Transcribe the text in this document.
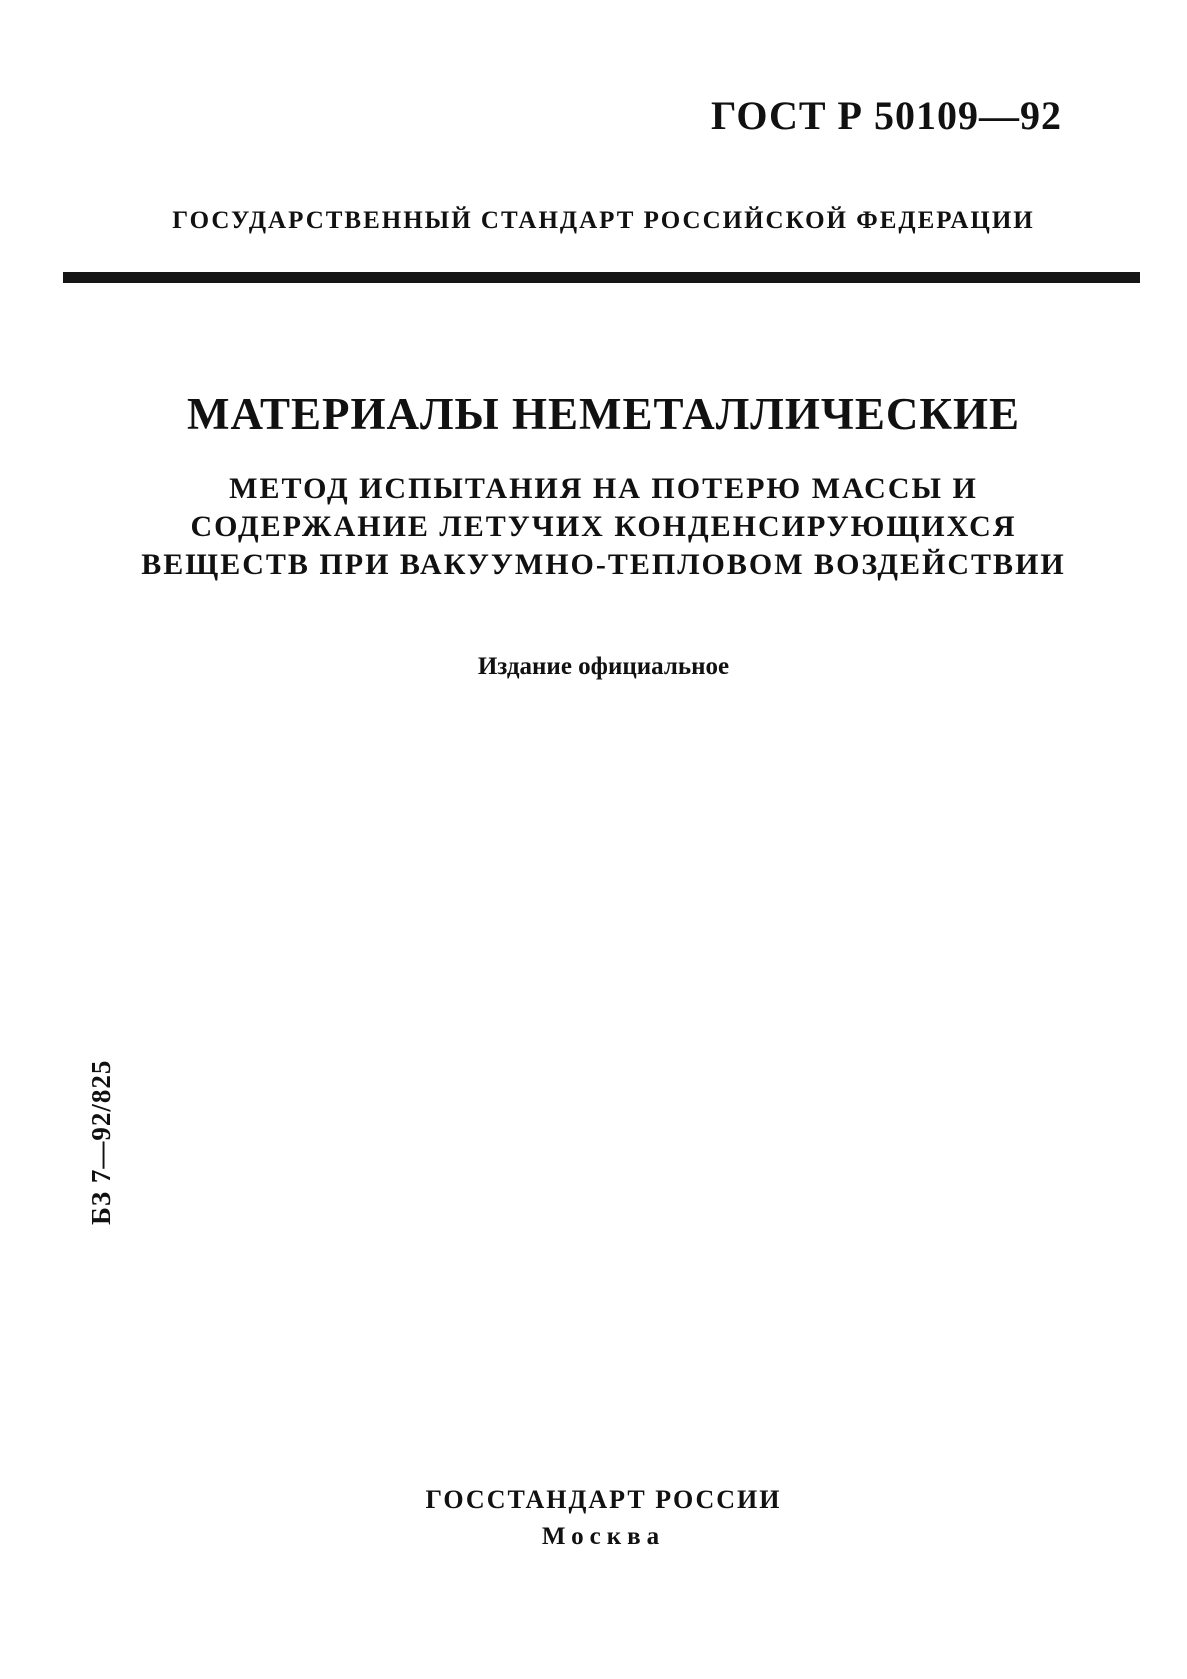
ГОСТ Р 50109—92
ГОСУДАРСТВЕННЫЙ СТАНДАРТ РОССИЙСКОЙ ФЕДЕРАЦИИ
МАТЕРИАЛЫ НЕМЕТАЛЛИЧЕСКИЕ
МЕТОД ИСПЫТАНИЯ НА ПОТЕРЮ МАССЫ И
СОДЕРЖАНИЕ ЛЕТУЧИХ КОНДЕНСИРУЮЩИХСЯ
ВЕЩЕСТВ ПРИ ВАКУУМНО-ТЕПЛОВОМ ВОЗДЕЙСТВИИ
Издание официальное
БЗ 7—92/825
ГОССТАНДАРТ РОССИИ
Москва
